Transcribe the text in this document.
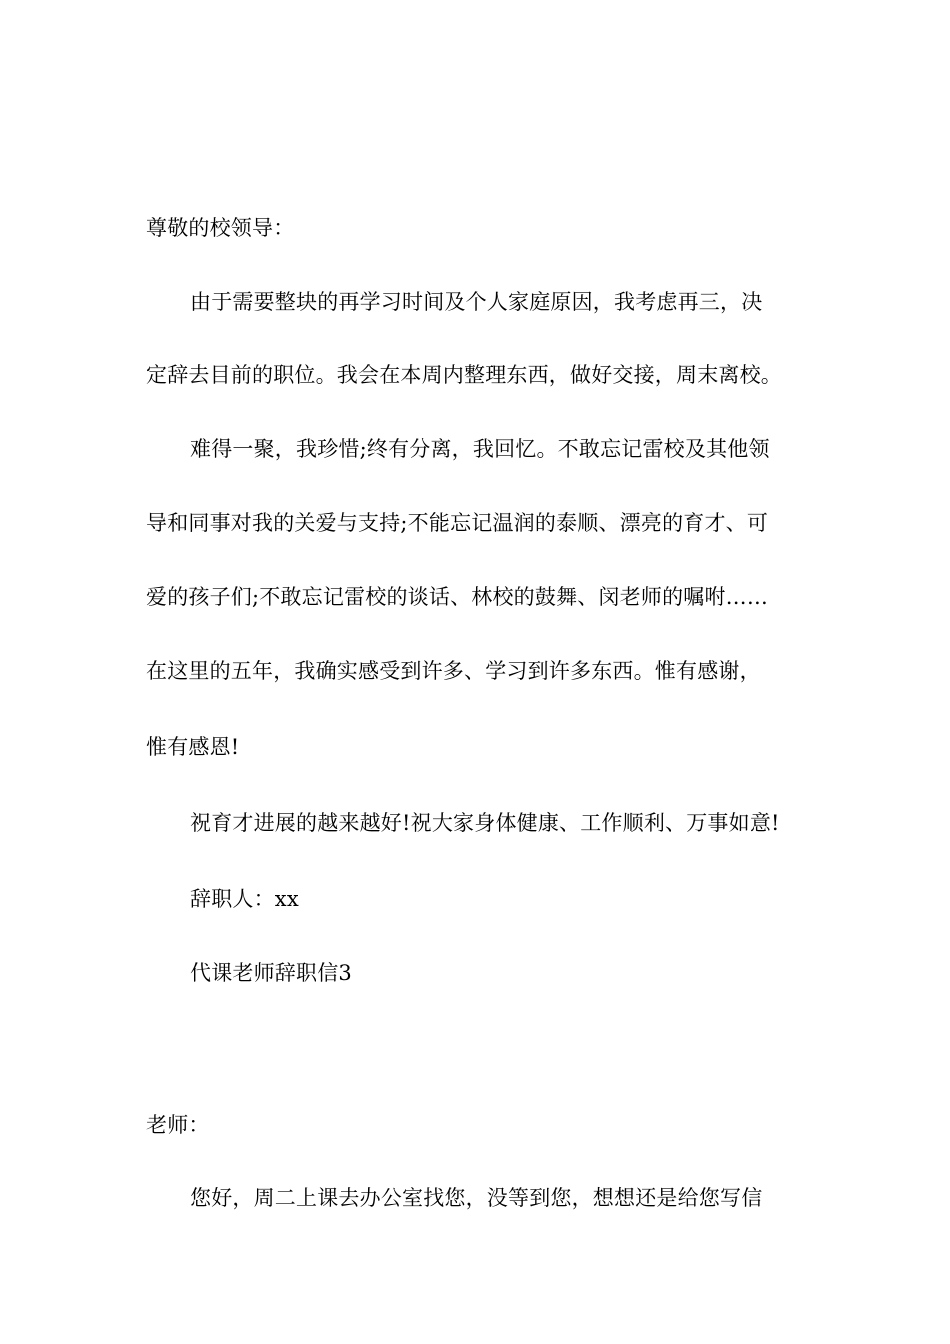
尊敬的校领导：
由于需要整块的再学习时间及个人家庭原因，我考虑再三，决
定辞去目前的职位。我会在本周内整理东西，做好交接，周末离校。
难得一聚，我珍惜;终有分离，我回忆。不敢忘记雷校及其他领
导和同事对我的关爱与支持;不能忘记温润的泰顺、漂亮的育才、可
爱的孩子们;不敢忘记雷校的谈话、林校的鼓舞、闵老师的嘱咐……
在这里的五年，我确实感受到许多、学习到许多东西。惟有感谢，
惟有感恩!
祝育才进展的越来越好!祝大家身体健康、工作顺利、万事如意!
辞职人：xx
代课老师辞职信3
老师：
您好，周二上课去办公室找您，没等到您，想想还是给您写信
